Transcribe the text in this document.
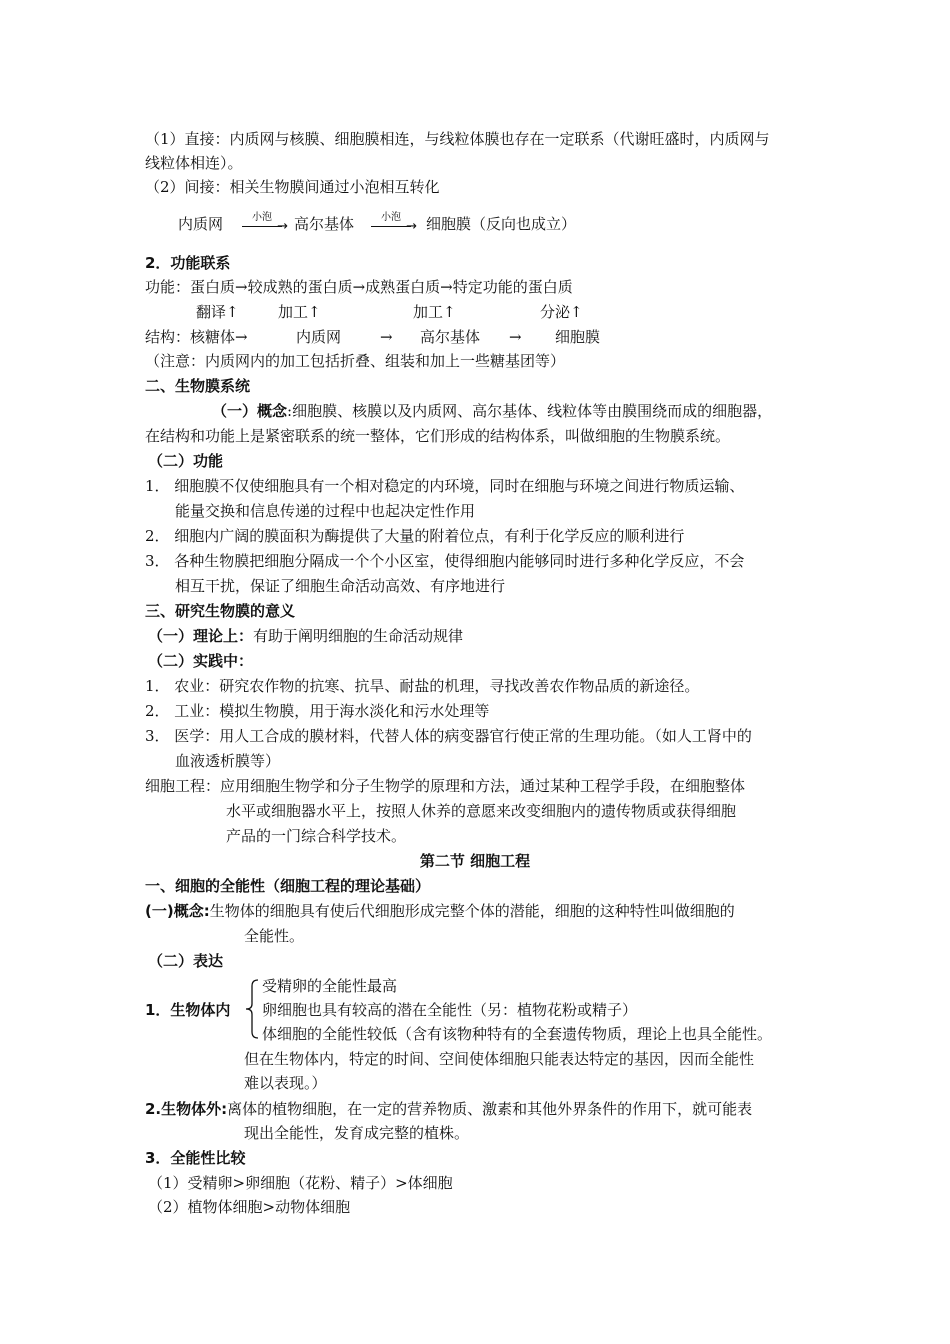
（1）直接：内质网与核膜、细胞膜相连，与线粒体膜也存在一定联系（代谢旺盛时，内质网与
线粒体相连）。
（2）间接：相关生物膜间通过小泡相互转化
内质网	小泡
→ 高尔基体	小泡
→ 细胞膜（反向也成立）
2．功能联系
功能：蛋白质→较成熟的蛋白质→成熟蛋白质→特定功能的蛋白质
翻译↑	加工↑	加工↑	分泌↑
结构：核糖体→	内质网	→ 高尔基体 → 细胞膜
（注意：内质网内的加工包括折叠、组装和加上一些糖基团等）
二、生物膜系统
（一）概念:细胞膜、核膜以及内质网、高尔基体、线粒体等由膜围绕而成的细胞器，
在结构和功能上是紧密联系的统一整体，它们形成的结构体系，叫做细胞的生物膜系统。
（二）功能
1． 细胞膜不仅使细胞具有一个相对稳定的内环境，同时在细胞与环境之间进行物质运输、
能量交换和信息传递的过程中也起决定性作用
2． 细胞内广阔的膜面积为酶提供了大量的附着位点，有利于化学反应的顺利进行
3． 各种生物膜把细胞分隔成一个个小区室，使得细胞内能够同时进行多种化学反应，不会
相互干扰，保证了细胞生命活动高效、有序地进行
三、研究生物膜的意义
（一）理论上：有助于阐明细胞的生命活动规律
（二）实践中：
1． 农业：研究农作物的抗寒、抗旱、耐盐的机理，寻找改善农作物品质的新途径。
2． 工业：模拟生物膜，用于海水淡化和污水处理等
3． 医学：用人工合成的膜材料，代替人体的病变器官行使正常的生理功能。（如人工肾中的
血液透析膜等）
细胞工程：应用细胞生物学和分子生物学的原理和方法，通过某种工程学手段，在细胞整体
水平或细胞器水平上，按照人休养的意愿来改变细胞内的遗传物质或获得细胞
产品的一门综合科学技术。
第二节 细胞工程
一、细胞的全能性（细胞工程的理论基础）
(一)概念:生物体的细胞具有使后代细胞形成完整个体的潜能，细胞的这种特性叫做细胞的
全能性。
（二）表达
1．生物体内
受精卵的全能性最高
卵细胞也具有较高的潜在全能性（另：植物花粉或精子）
体细胞的全能性较低（含有该物种特有的全套遗传物质，理论上也具全能性。
但在生物体内，特定的时间、空间使体细胞只能表达特定的基因，因而全能性
难以表现。）
2.生物体外:离体的植物细胞，在一定的营养物质、激素和其他外界条件的作用下，就可能表
现出全能性，发育成完整的植株。
3．全能性比较
（1）受精卵>卵细胞（花粉、精子）>体细胞
（2）植物体细胞>动物体细胞
